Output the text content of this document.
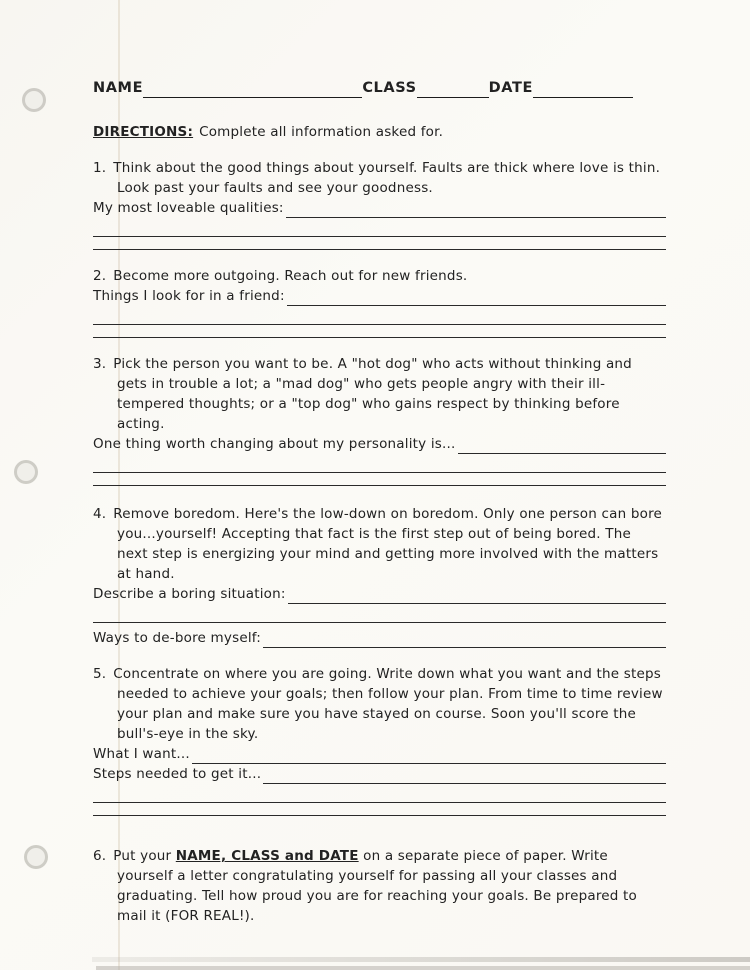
NAME	CLASS	DATE
DIRECTIONS: Complete all information asked for.
1. Think about the good things about yourself. Faults are thick where love is thin. Look past your faults and see your goodness.
My most loveable qualities:
2. Become more outgoing. Reach out for new friends.
Things I look for in a friend:
3. Pick the person you want to be. A "hot dog" who acts without thinking and gets in trouble a lot; a "mad dog" who gets people angry with their ill-tempered thoughts; or a "top dog" who gains respect by thinking before acting.
One thing worth changing about my personality is...
4. Remove boredom. Here's the low-down on boredom. Only one person can bore you...yourself! Accepting that fact is the first step out of being bored. The next step is energizing your mind and getting more involved with the matters at hand.
Describe a boring situation:
Ways to de-bore myself:
5. Concentrate on where you are going. Write down what you want and the steps needed to achieve your goals; then follow your plan. From time to time review your plan and make sure you have stayed on course. Soon you'll score the bull's-eye in the sky.
What I want...
Steps needed to get it...
6. Put your NAME, CLASS and DATE on a separate piece of paper. Write yourself a letter congratulating yourself for passing all your classes and graduating. Tell how proud you are for reaching your goals. Be prepared to mail it (FOR REAL!).
